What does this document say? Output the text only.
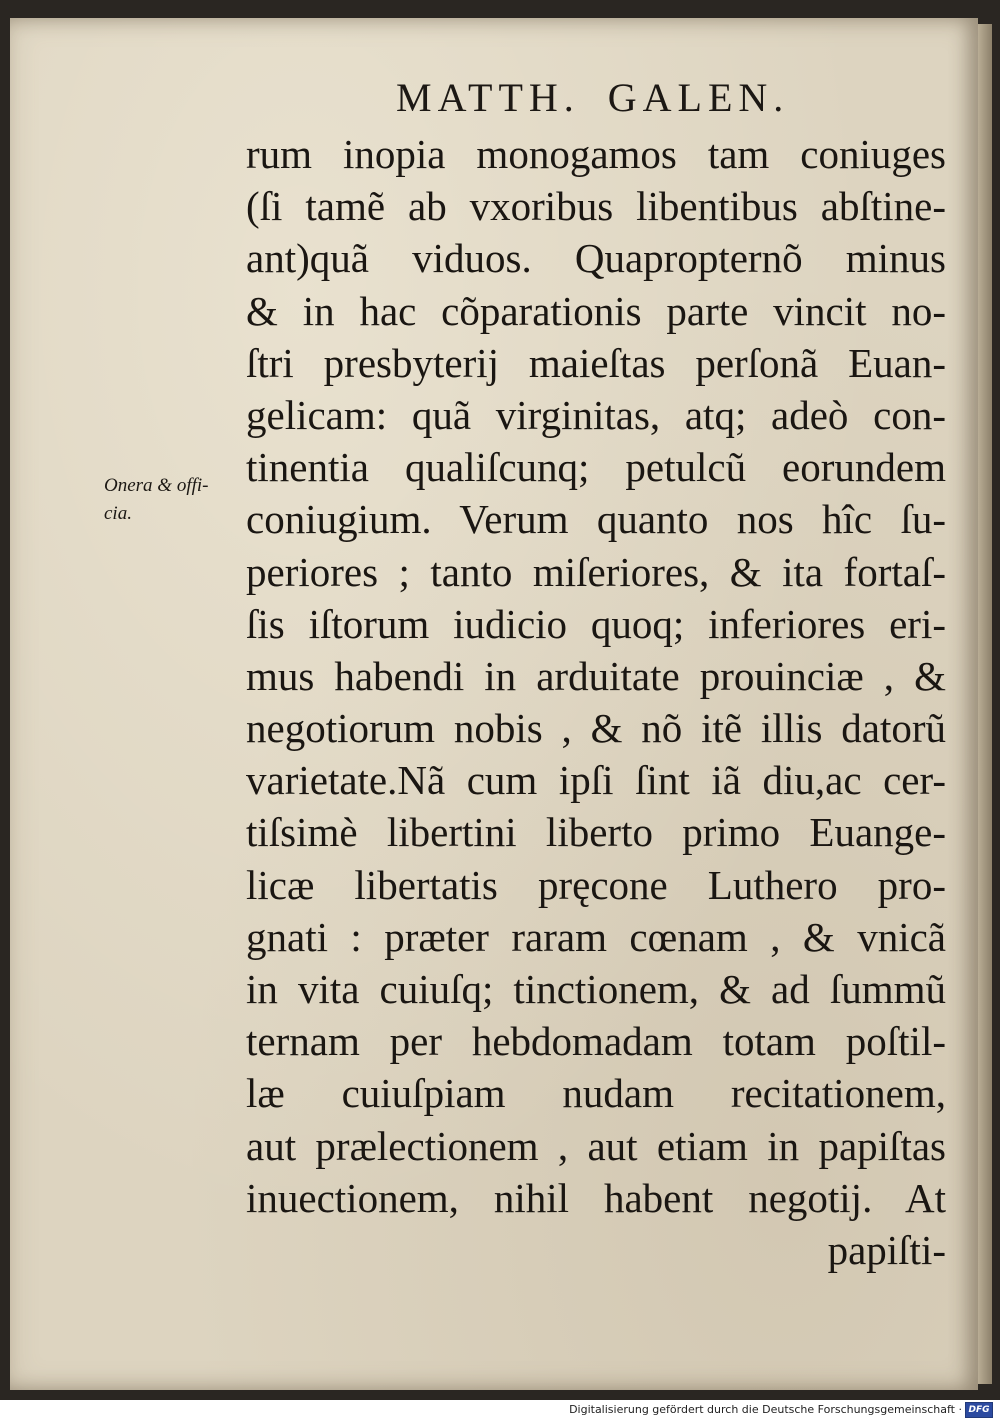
MATTH. GALEN.
Onera & offi-
cia.
rum inopia monogamos tam coniuges
(ſi tamẽ ab vxoribus libentibus abſtine-
ant)quã viduos. Quapropternõ minus
& in hac cõparationis parte vincit no-
ſtri presbyterij maieſtas perſonã Euan-
gelicam: quã virginitas, atq; adeò con-
tinentia qualiſcunq; petulcũ eorundem
coniugium. Verum quanto nos hîc ſu-
periores ; tanto miſeriores, & ita fortaſ-
ſis iſtorum iudicio quoq; inferiores eri-
mus habendi in arduitate prouinciæ , &
negotiorum nobis , & nõ itẽ illis datorũ
varietate.Nã cum ipſi ſint iã diu,ac cer-
tiſsimè libertini liberto primo Euange-
licæ libertatis pręcone Luthero pro-
gnati : præter raram cœnam , & vnicã
in vita cuiuſq; tinctionem, & ad ſummũ
ternam per hebdomadam totam poſtil-
læ cuiuſpiam nudam recitationem,
aut prælectionem , aut etiam in papiſtas
inuectionem, nihil habent negotij. At
papiſti-
Digitalisierung gefördert durch die Deutsche Forschungsgemeinschaft · DFG
